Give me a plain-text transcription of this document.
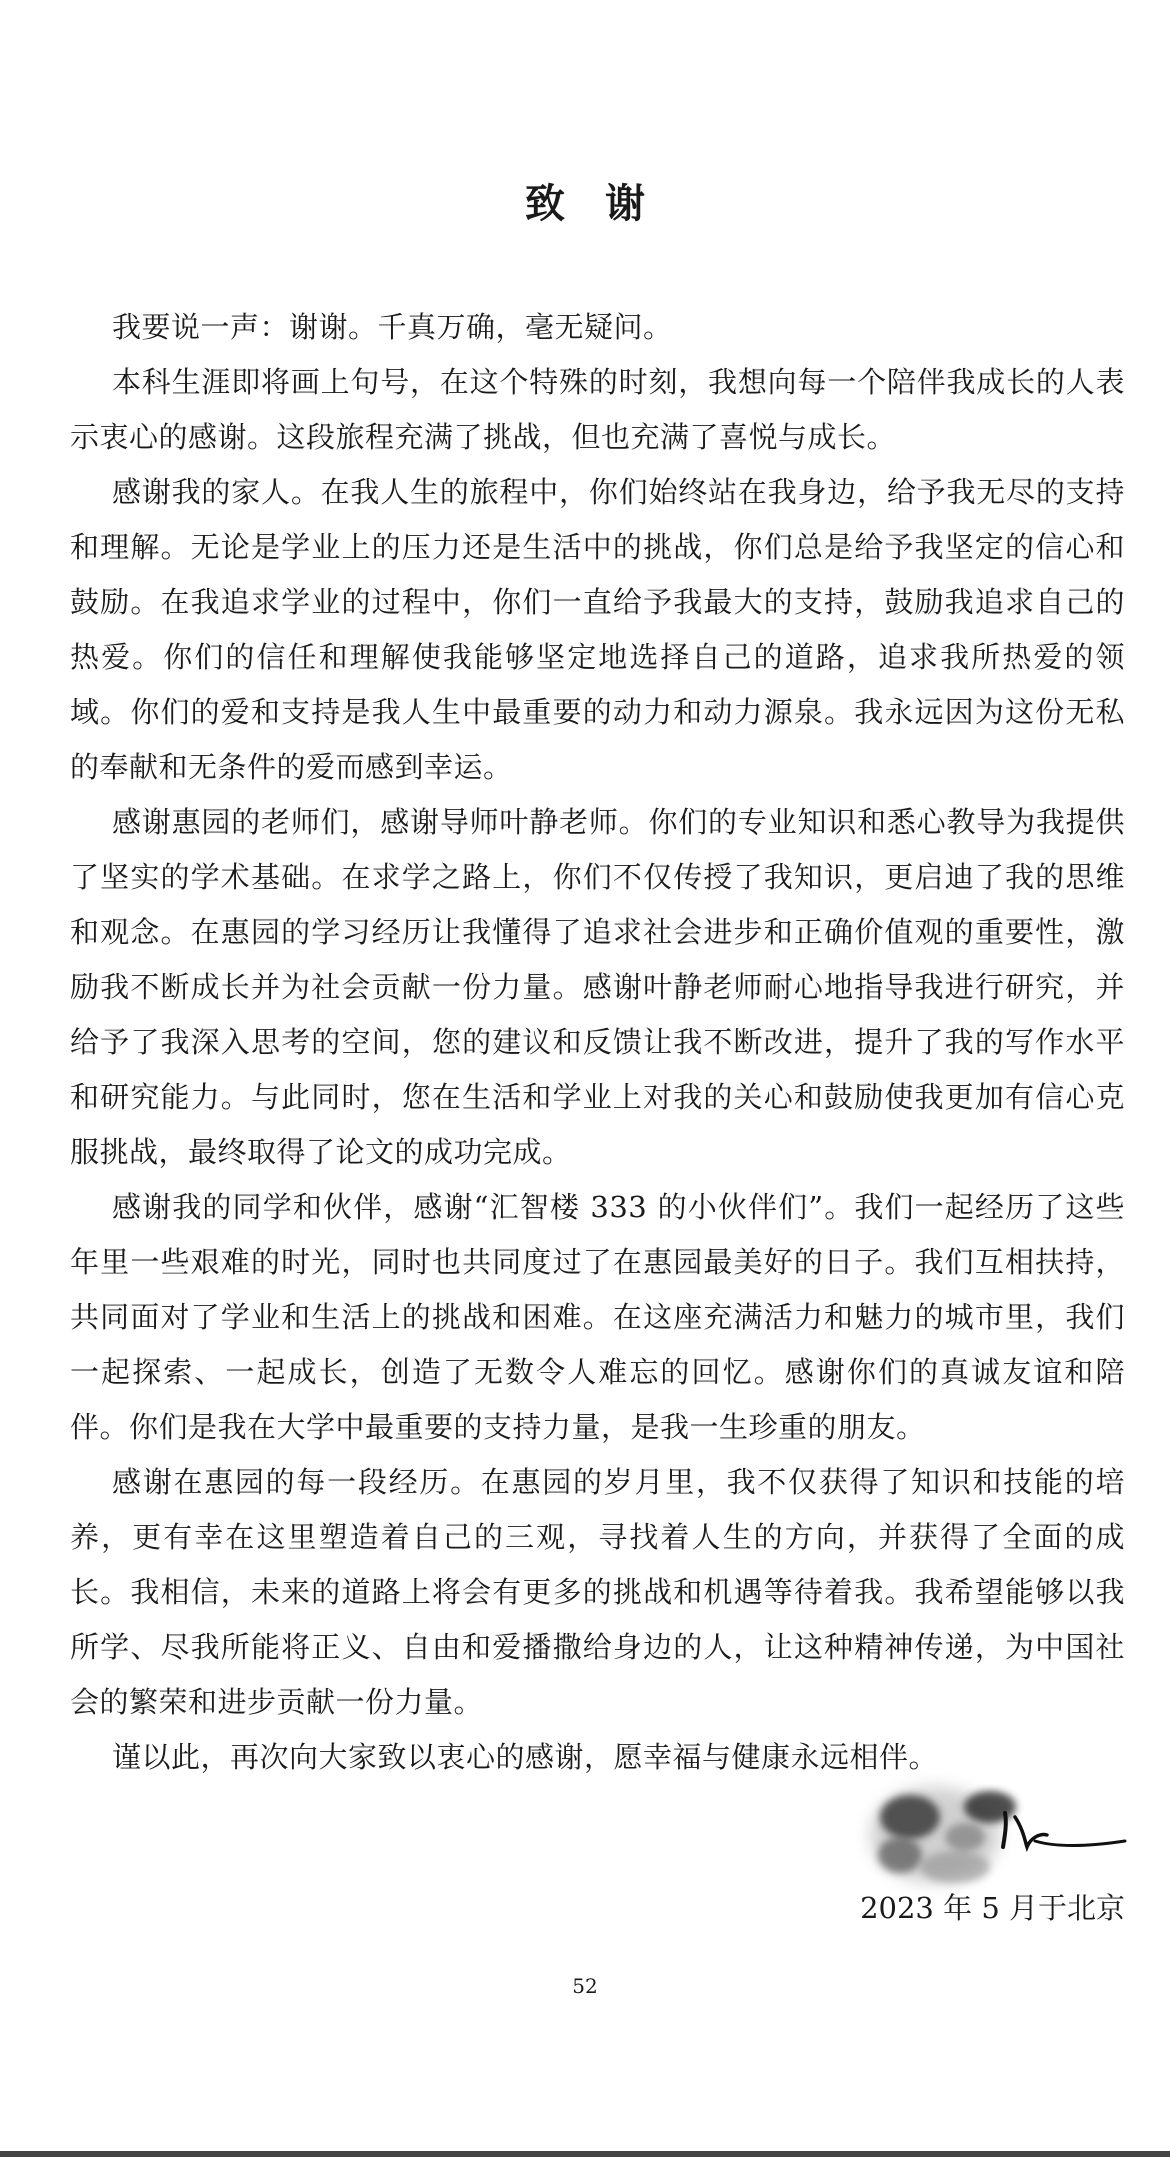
致谢

我要说一声：谢谢。千真万确，毫无疑问。

本科生涯即将画上句号，在这个特殊的时刻，我想向每一个陪伴我成长的人表示衷心的感谢。这段旅程充满了挑战，但也充满了喜悦与成长。

感谢我的家人。在我人生的旅程中，你们始终站在我身边，给予我无尽的支持和理解。无论是学业上的压力还是生活中的挑战，你们总是给予我坚定的信心和鼓励。在我追求学业的过程中，你们一直给予我最大的支持，鼓励我追求自己的热爱。你们的信任和理解使我能够坚定地选择自己的道路，追求我所热爱的领域。你们的爱和支持是我人生中最重要的动力和动力源泉。我永远因为这份无私的奉献和无条件的爱而感到幸运。

感谢惠园的老师们，感谢导师叶静老师。你们的专业知识和悉心教导为我提供了坚实的学术基础。在求学之路上，你们不仅传授了我知识，更启迪了我的思维和观念。在惠园的学习经历让我懂得了追求社会进步和正确价值观的重要性，激励我不断成长并为社会贡献一份力量。感谢叶静老师耐心地指导我进行研究，并给予了我深入思考的空间，您的建议和反馈让我不断改进，提升了我的写作水平和研究能力。与此同时，您在生活和学业上对我的关心和鼓励使我更加有信心克服挑战，最终取得了论文的成功完成。

感谢我的同学和伙伴，感谢“汇智楼 333 的小伙伴们”。我们一起经历了这些年里一些艰难的时光，同时也共同度过了在惠园最美好的日子。我们互相扶持，共同面对了学业和生活上的挑战和困难。在这座充满活力和魅力的城市里，我们一起探索、一起成长，创造了无数令人难忘的回忆。感谢你们的真诚友谊和陪伴。你们是我在大学中最重要的支持力量，是我一生珍重的朋友。

感谢在惠园的每一段经历。在惠园的岁月里，我不仅获得了知识和技能的培养，更有幸在这里塑造着自己的三观，寻找着人生的方向，并获得了全面的成长。我相信，未来的道路上将会有更多的挑战和机遇等待着我。我希望能够以我所学、尽我所能将正义、自由和爱播撒给身边的人，让这种精神传递，为中国社会的繁荣和进步贡献一份力量。

谨以此，再次向大家致以衷心的感谢，愿幸福与健康永远相伴。

2023 年 5 月于北京
52
